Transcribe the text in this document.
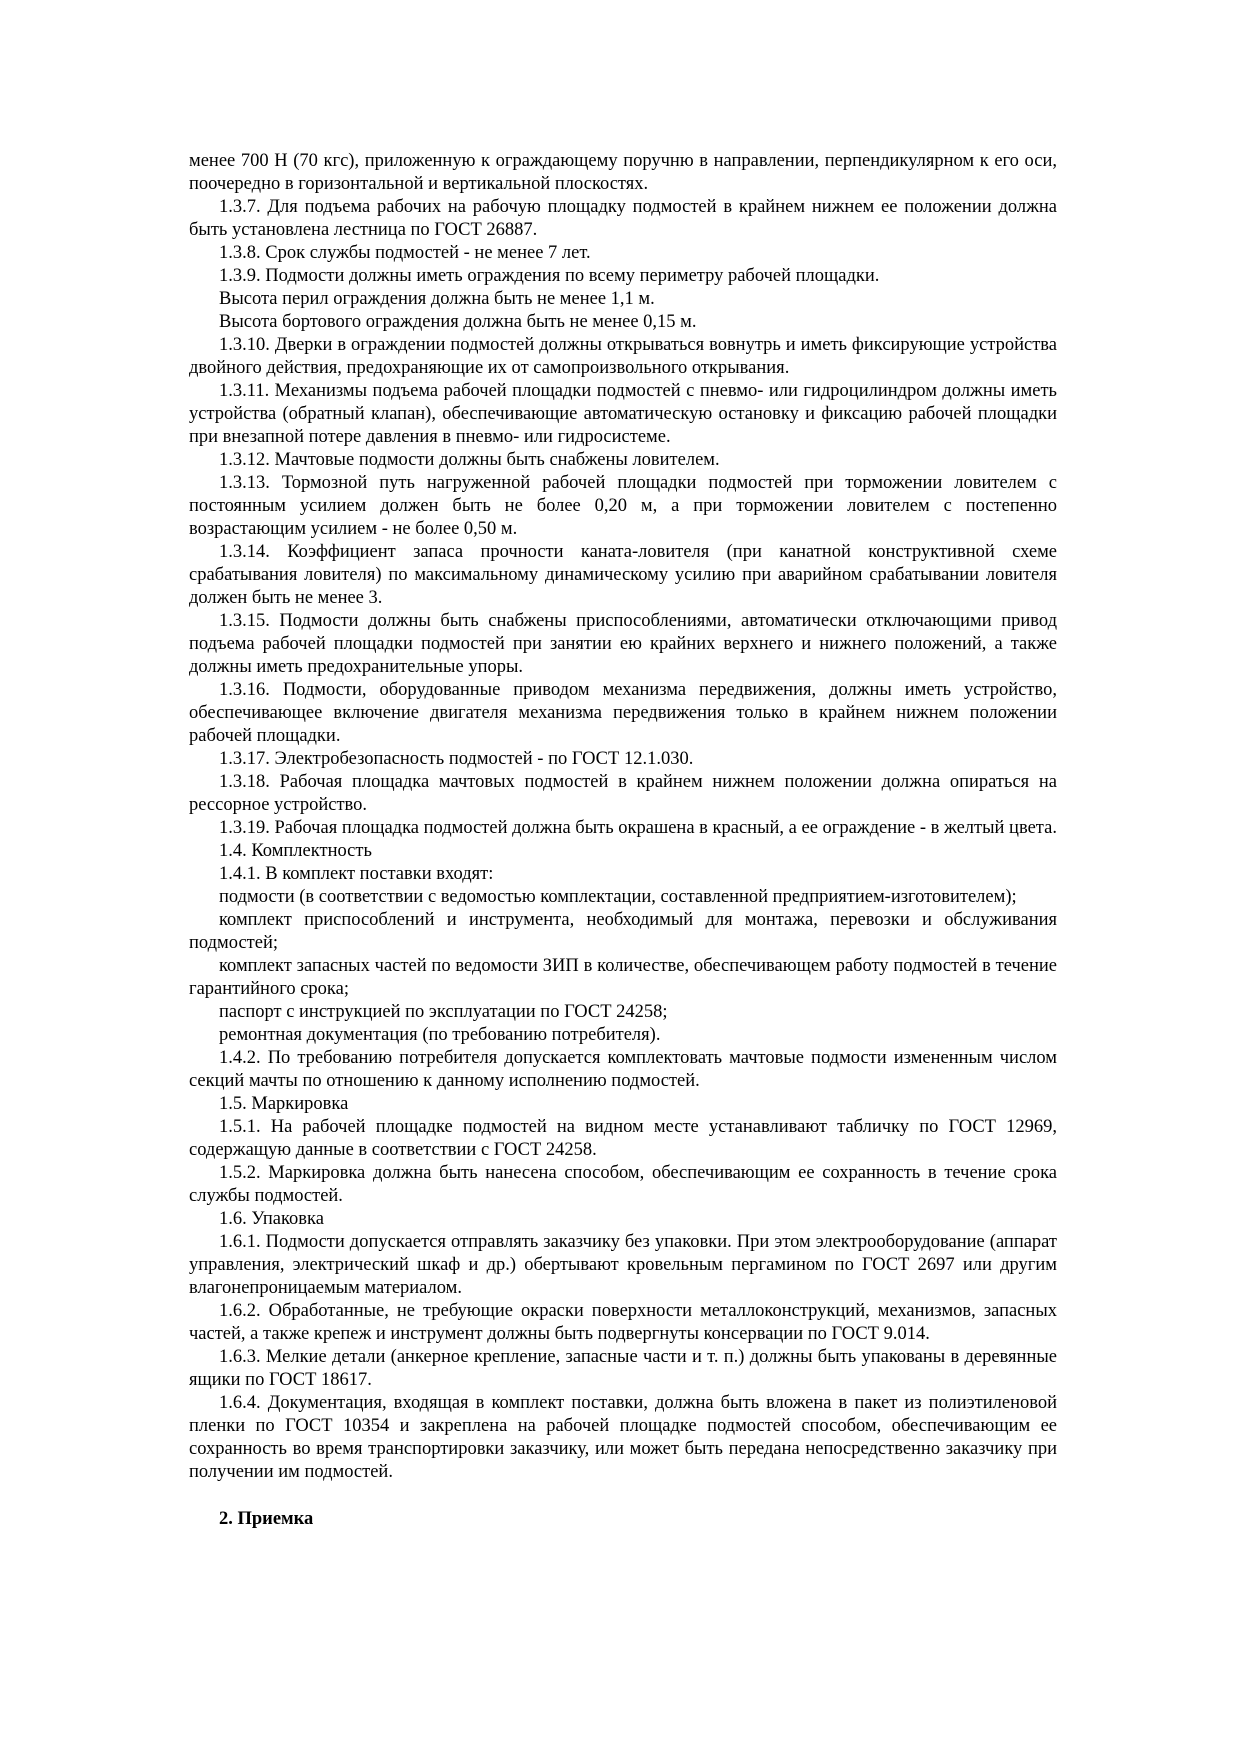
менее 700 Н (70 кгс), приложенную к ограждающему поручню в направлении, перпендикулярном к его оси, поочередно в горизонтальной и вертикальной плоскостях.

1.3.7. Для подъема рабочих на рабочую площадку подмостей в крайнем нижнем ее положении должна быть установлена лестница по ГОСТ 26887.

1.3.8. Срок службы подмостей - не менее 7 лет.

1.3.9. Подмости должны иметь ограждения по всему периметру рабочей площадки.

Высота перил ограждения должна быть не менее 1,1 м.

Высота бортового ограждения должна быть не менее 0,15 м.

1.3.10. Дверки в ограждении подмостей должны открываться вовнутрь и иметь фиксирующие устройства двойного действия, предохраняющие их от самопроизвольного открывания.

1.3.11. Механизмы подъема рабочей площадки подмостей с пневмо- или гидроцилиндром должны иметь устройства (обратный клапан), обеспечивающие автоматическую остановку и фиксацию рабочей площадки при внезапной потере давления в пневмо- или гидросистеме.

1.3.12. Мачтовые подмости должны быть снабжены ловителем.

1.3.13. Тормозной путь нагруженной рабочей площадки подмостей при торможении ловителем с постоянным усилием должен быть не более 0,20 м, а при торможении ловителем с постепенно возрастающим усилием - не более 0,50 м.

1.3.14. Коэффициент запаса прочности каната-ловителя (при канатной конструктивной схеме срабатывания ловителя) по максимальному динамическому усилию при аварийном срабатывании ловителя должен быть не менее 3.

1.3.15. Подмости должны быть снабжены приспособлениями, автоматически отключающими привод подъема рабочей площадки подмостей при занятии ею крайних верхнего и нижнего положений, а также должны иметь предохранительные упоры.

1.3.16. Подмости, оборудованные приводом механизма передвижения, должны иметь устройство, обеспечивающее включение двигателя механизма передвижения только в крайнем нижнем положении рабочей площадки.

1.3.17. Электробезопасность подмостей - по ГОСТ 12.1.030.

1.3.18. Рабочая площадка мачтовых подмостей в крайнем нижнем положении должна опираться на рессорное устройство.

1.3.19. Рабочая площадка подмостей должна быть окрашена в красный, а ее ограждение - в желтый цвета.

1.4. Комплектность

1.4.1. В комплект поставки входят:

подмости (в соответствии с ведомостью комплектации, составленной предприятием-изготовителем);

комплект приспособлений и инструмента, необходимый для монтажа, перевозки и обслуживания подмостей;

комплект запасных частей по ведомости ЗИП в количестве, обеспечивающем работу подмостей в течение гарантийного срока;

паспорт с инструкцией по эксплуатации по ГОСТ 24258;

ремонтная документация (по требованию потребителя).

1.4.2. По требованию потребителя допускается комплектовать мачтовые подмости измененным числом секций мачты по отношению к данному исполнению подмостей.

1.5. Маркировка

1.5.1. На рабочей площадке подмостей на видном месте устанавливают табличку по ГОСТ 12969, содержащую данные в соответствии с ГОСТ 24258.

1.5.2. Маркировка должна быть нанесена способом, обеспечивающим ее сохранность в течение срока службы подмостей.

1.6. Упаковка

1.6.1. Подмости допускается отправлять заказчику без упаковки. При этом электрооборудование (аппарат управления, электрический шкаф и др.) обертывают кровельным пергамином по ГОСТ 2697 или другим влагонепроницаемым материалом.

1.6.2. Обработанные, не требующие окраски поверхности металлоконструкций, механизмов, запасных частей, а также крепеж и инструмент должны быть подвергнуты консервации по ГОСТ 9.014.

1.6.3. Мелкие детали (анкерное крепление, запасные части и т. п.) должны быть упакованы в деревянные ящики по ГОСТ 18617.

1.6.4. Документация, входящая в комплект поставки, должна быть вложена в пакет из полиэтиленовой пленки по ГОСТ 10354 и закреплена на рабочей площадке подмостей способом, обеспечивающим ее сохранность во время транспортировки заказчику, или может быть передана непосредственно заказчику при получении им подмостей.

2. Приемка
